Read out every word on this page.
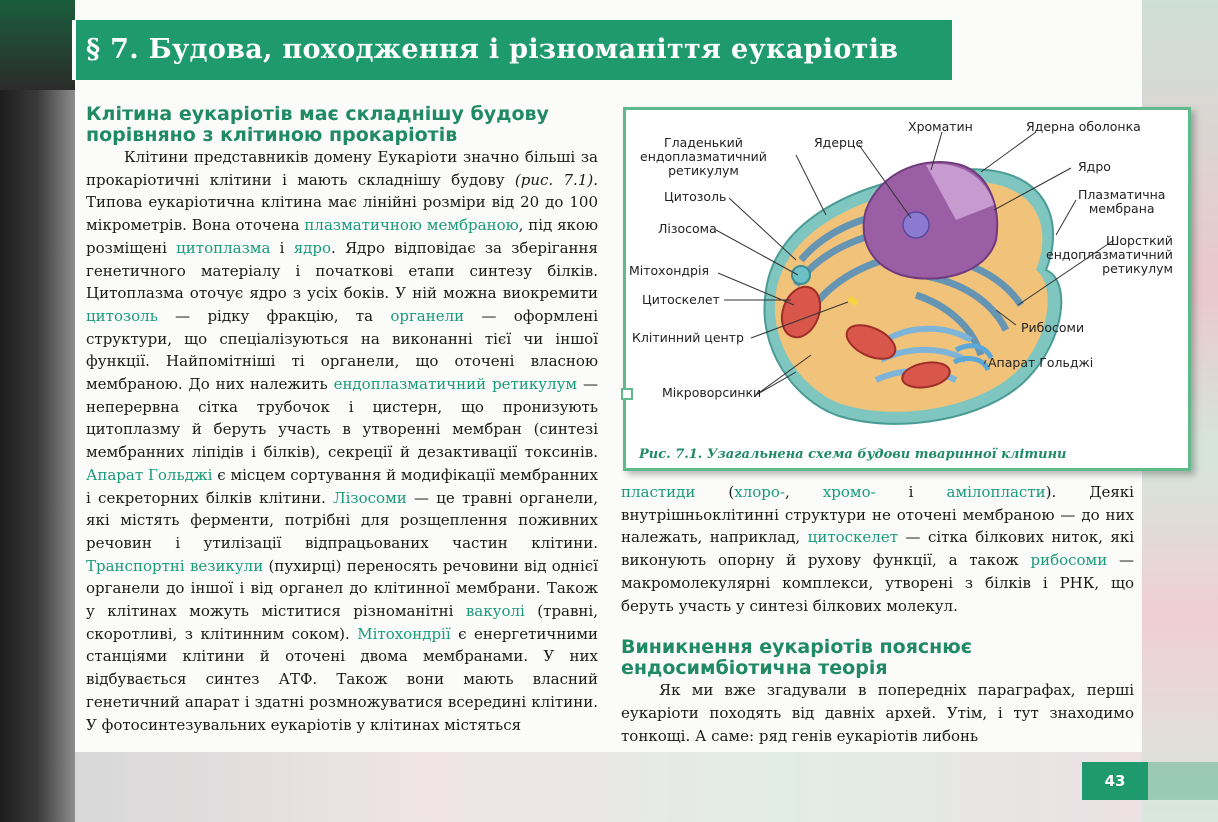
§ 7. Будова, походження і різноманіття еукаріотів
Клітина еукаріотів має складнішу будову порівняно з клітиною прокаріотів

Клітини представників домену Еукаріоти значно більші за прокаріотичні клітини і мають складнішу будову (рис. 7.1). Типова еукаріотична клітина має лінійні розміри від 20 до 100 мікрометрів. Вона оточена плазматичною мембраною, під якою розміщені цитоплазма і ядро. Ядро відповідає за зберігання генетичного матеріалу і початкові етапи синтезу білків. Цитоплазма оточує ядро з усіх боків. У ній можна виокремити цитозоль — рідку фракцію, та органели — оформлені структури, що спеціалізуються на виконанні тієї чи іншої функції. Найпомітніші ті органели, що оточені власною мембраною. До них належить ендоплазматичний ретикулум — неперервна сітка трубочок і цистерн, що пронизують цитоплазму й беруть участь в утворенні мембран (синтезі мембранних ліпідів і білків), секреції й дезактивації токсинів. Апарат Гольджі є місцем сортування й модифікації мембранних і секреторних білків клітини. Лізосоми — це травні органели, які містять ферменти, потрібні для розщеплення поживних речовин і утилізації відпрацьованих частин клітини. Транспортні везикули (пухирці) переносять речовини від однієї органели до іншої і від органел до клітинної мембрани. Також у клітинах можуть міститися різноманітні вакуолі (травні, скоротливі, з клітинним соком). Мітохондрії є енергетичними станціями клітини й оточені двома мембранами. У них відбувається синтез АТФ. Також вони мають власний генетичний апарат і здатні розмножуватися всередині клітини. У фотосинтезувальних еукаріотів у клітинах містяться

Гладенький
ендоплазматичний
ретикулум
Ядерце
Хроматин	Ядерна оболонка
Ядро
Плазматична
мембрана
Цитозоль
Лізосома
Шорсткий
ендоплазматичний
ретикулум
Мітохондрія
Цитоскелет
Рибосоми
Клітинний центр
Апарат Гольджі
Мікроворсинки
Рис. 7.1. Узагальнена схема будови тваринної клітини

пластиди (хлоро-, хромо- і амілопласти). Деякі внутрішньоклітинні структури не оточені мембраною — до них належать, наприклад, цитоскелет — сітка білкових ниток, які виконують опорну й рухову функції, а також рибосоми — макромолекулярні комплекси, утворені з білків і РНК, що беруть участь у синтезі білкових молекул.

Виникнення еукаріотів пояснює ендосимбіотична теорія

Як ми вже згадували в попередніх параграфах, перші еукаріоти походять від давніх архей. Утім, і тут знаходимо тонкощі. А саме: ряд генів еукаріотів либонь

43
